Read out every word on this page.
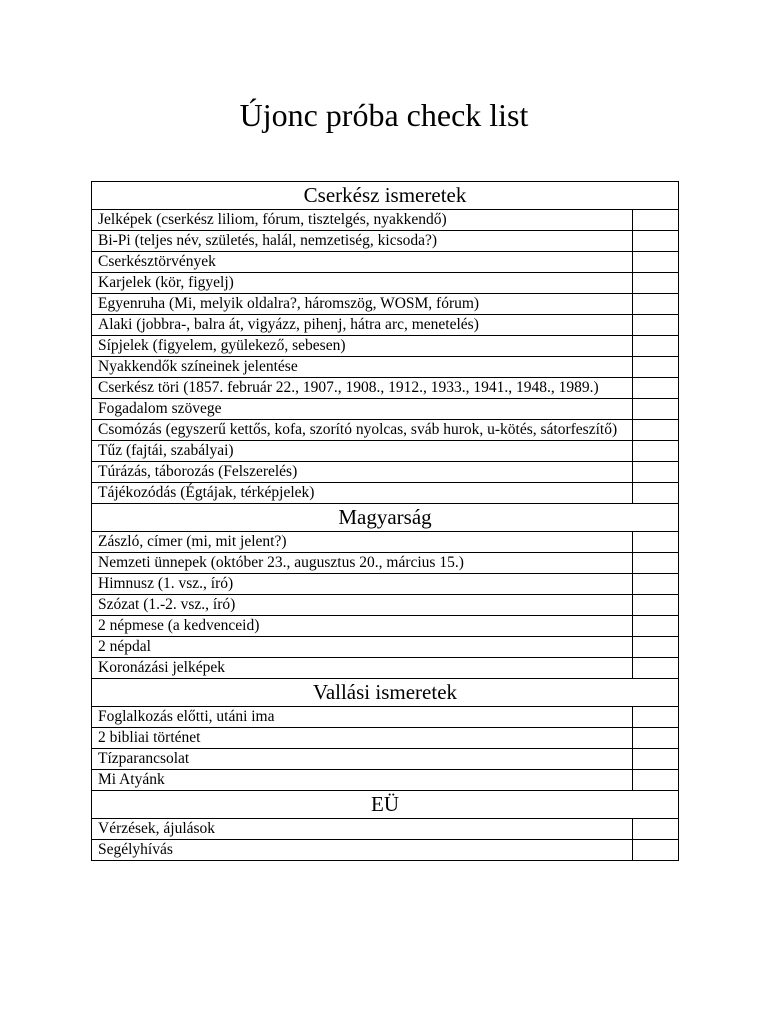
Újonc próba check list
Cserkész ismeretek	
Jelképek (cserkész liliom, fórum, tisztelgés, nyakkendő)	
Bi-Pi (teljes név, születés, halál, nemzetiség, kicsoda?)	
Cserkésztörvények	
Karjelek (kör, figyelj)	
Egyenruha (Mi, melyik oldalra?, háromszög, WOSM, fórum)	
Alaki (jobbra-, balra át, vigyázz, pihenj, hátra arc, menetelés)	
Sípjelek (figyelem, gyülekező, sebesen)	
Nyakkendők színeinek jelentése	
Cserkész töri (1857. február 22., 1907., 1908., 1912., 1933., 1941., 1948., 1989.)	
Fogadalom szövege	
Csomózás (egyszerű kettős, kofa, szorító nyolcas, sváb hurok, u-kötés, sátorfeszítő)	
Tűz (fajtái, szabályai)	
Túrázás, táborozás (Felszerelés)	
Tájékozódás (Égtájak, térképjelek)	
Magyarság	
Zászló, címer (mi, mit jelent?)	
Nemzeti ünnepek (október 23., augusztus 20., március 15.)	
Himnusz (1. vsz., író)	
Szózat (1.-2. vsz., író)	
2 népmese (a kedvenceid)	
2 népdal	
Koronázási jelképek	
Vallási ismeretek	
Foglalkozás előtti, utáni ima	
2 bibliai történet	
Tízparancsolat	
Mi Atyánk	
EÜ	
Vérzések, ájulások	
Segélyhívás	
